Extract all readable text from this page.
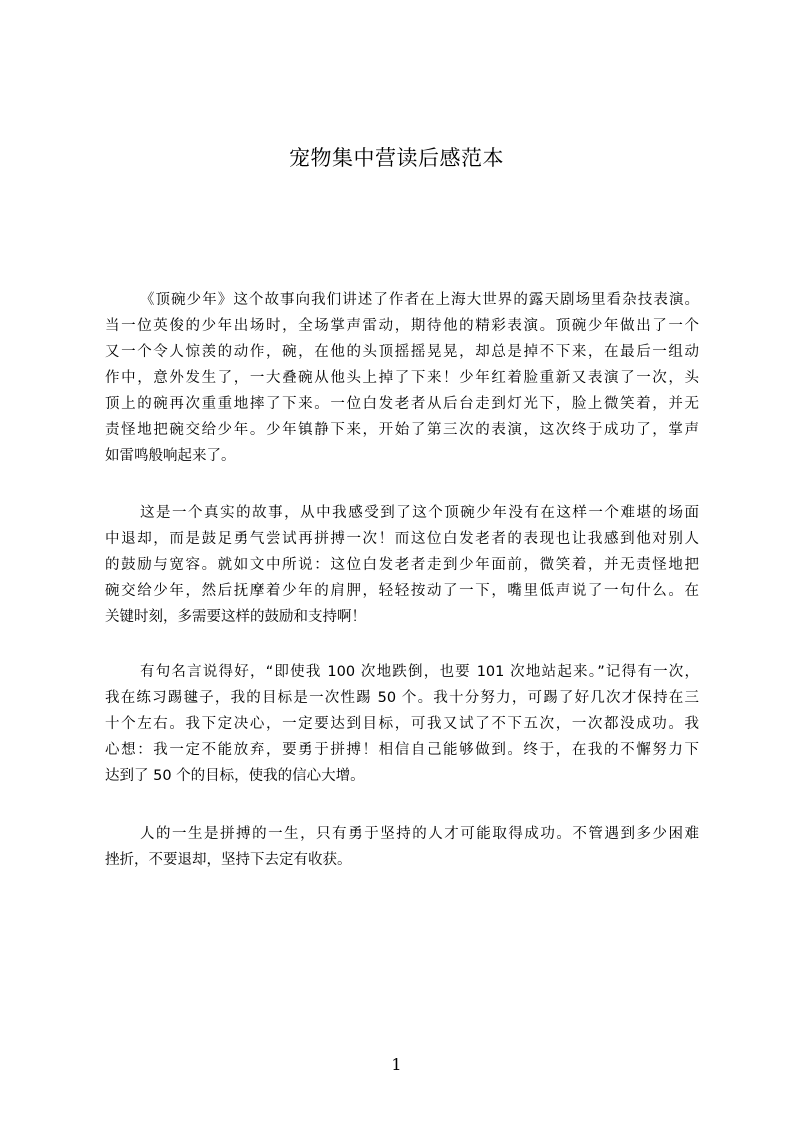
宠物集中营读后感范本
《顶碗少年》这个故事向我们讲述了作者在上海大世界的露天剧场里看杂技表演。
当一位英俊的少年出场时，全场掌声雷动，期待他的精彩表演。顶碗少年做出了一个
又一个令人惊羡的动作，碗，在他的头顶摇摇晃晃，却总是掉不下来，在最后一组动
作中，意外发生了，一大叠碗从他头上掉了下来！少年红着脸重新又表演了一次，头
顶上的碗再次重重地摔了下来。一位白发老者从后台走到灯光下，脸上微笑着，并无
责怪地把碗交给少年。少年镇静下来，开始了第三次的表演，这次终于成功了，掌声
如雷鸣般响起来了。
这是一个真实的故事，从中我感受到了这个顶碗少年没有在这样一个难堪的场面
中退却，而是鼓足勇气尝试再拼搏一次！而这位白发老者的表现也让我感到他对别人
的鼓励与宽容。就如文中所说：这位白发老者走到少年面前，微笑着，并无责怪地把
碗交给少年，然后抚摩着少年的肩胛，轻轻按动了一下，嘴里低声说了一句什么。在
关键时刻，多需要这样的鼓励和支持啊！
有句名言说得好，“即使我 100 次地跌倒，也要 101 次地站起来。”记得有一次，
我在练习踢毽子，我的目标是一次性踢 50 个。我十分努力，可踢了好几次才保持在三
十个左右。我下定决心，一定要达到目标，可我又试了不下五次，一次都没成功。我
心想：我一定不能放弃，要勇于拼搏！相信自己能够做到。终于，在我的不懈努力下
达到了 50 个的目标，使我的信心大增。
人的一生是拼搏的一生，只有勇于坚持的人才可能取得成功。不管遇到多少困难
挫折，不要退却，坚持下去定有收获。
1
